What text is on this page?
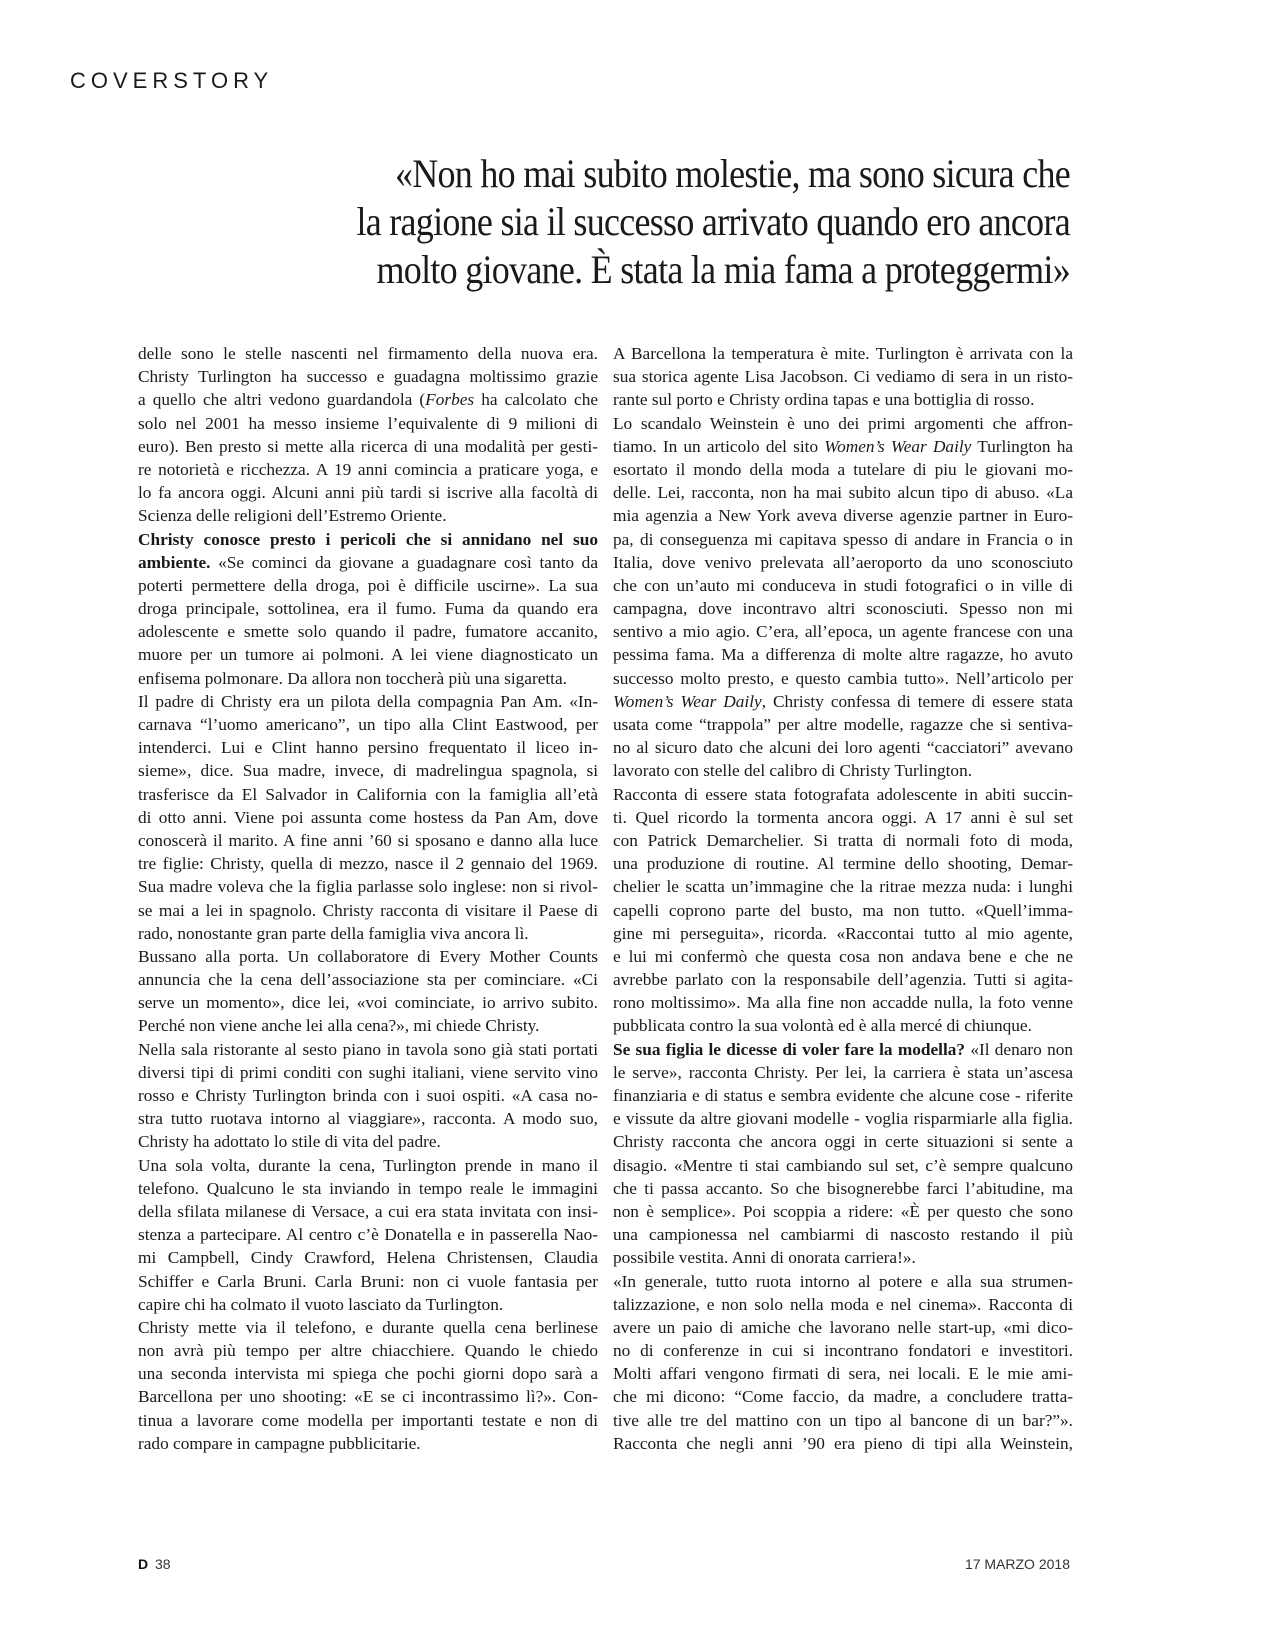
COVERSTORY
«Non ho mai subito molestie, ma sono sicura che
la ragione sia il successo arrivato quando ero ancora
molto giovane. È stata la mia fama a proteggermi»
delle sono le stelle nascenti nel firmamento della nuova era.
Christy Turlington ha successo e guadagna moltissimo grazie
a quello che altri vedono guardandola (Forbes ha calcolato che
solo nel 2001 ha messo insieme l’equivalente di 9 milioni di
euro). Ben presto si mette alla ricerca di una modalità per gesti-
re notorietà e ricchezza. A 19 anni comincia a praticare yoga, e
lo fa ancora oggi. Alcuni anni più tardi si iscrive alla facoltà di
Scienza delle religioni dell’Estremo Oriente.
Christy conosce presto i pericoli che si annidano nel suo
ambiente. «Se cominci da giovane a guadagnare così tanto da
poterti permettere della droga, poi è difficile uscirne». La sua
droga principale, sottolinea, era il fumo. Fuma da quando era
adolescente e smette solo quando il padre, fumatore accanito,
muore per un tumore ai polmoni. A lei viene diagnosticato un
enfisema polmonare. Da allora non toccherà più una sigaretta.
Il padre di Christy era un pilota della compagnia Pan Am. «In-
carnava “l’uomo americano”, un tipo alla Clint Eastwood, per
intenderci. Lui e Clint hanno persino frequentato il liceo in-
sieme», dice. Sua madre, invece, di madrelingua spagnola, si
trasferisce da El Salvador in California con la famiglia all’età
di otto anni. Viene poi assunta come hostess da Pan Am, dove
conoscerà il marito. A fine anni ’60 si sposano e danno alla luce
tre figlie: Christy, quella di mezzo, nasce il 2 gennaio del 1969.
Sua madre voleva che la figlia parlasse solo inglese: non si rivol-
se mai a lei in spagnolo. Christy racconta di visitare il Paese di
rado, nonostante gran parte della famiglia viva ancora lì.
Bussano alla porta. Un collaboratore di Every Mother Counts
annuncia che la cena dell’associazione sta per cominciare. «Ci
serve un momento», dice lei, «voi cominciate, io arrivo subito.
Perché non viene anche lei alla cena?», mi chiede Christy.
Nella sala ristorante al sesto piano in tavola sono già stati portati
diversi tipi di primi conditi con sughi italiani, viene servito vino
rosso e Christy Turlington brinda con i suoi ospiti. «A casa no-
stra tutto ruotava intorno al viaggiare», racconta. A modo suo,
Christy ha adottato lo stile di vita del padre.
Una sola volta, durante la cena, Turlington prende in mano il
telefono. Qualcuno le sta inviando in tempo reale le immagini
della sfilata milanese di Versace, a cui era stata invitata con insi-
stenza a partecipare. Al centro c’è Donatella e in passerella Nao-
mi Campbell, Cindy Crawford, Helena Christensen, Claudia
Schiffer e Carla Bruni. Carla Bruni: non ci vuole fantasia per
capire chi ha colmato il vuoto lasciato da Turlington.
Christy mette via il telefono, e durante quella cena berlinese
non avrà più tempo per altre chiacchiere. Quando le chiedo
una seconda intervista mi spiega che pochi giorni dopo sarà a
Barcellona per uno shooting: «E se ci incontrassimo lì?». Con-
tinua a lavorare come modella per importanti testate e non di
rado compare in campagne pubblicitarie.
A Barcellona la temperatura è mite. Turlington è arrivata con la
sua storica agente Lisa Jacobson. Ci vediamo di sera in un risto-
rante sul porto e Christy ordina tapas e una bottiglia di rosso.
Lo scandalo Weinstein è uno dei primi argomenti che affron-
tiamo. In un articolo del sito Women’s Wear Daily Turlington ha
esortato il mondo della moda a tutelare di piu le giovani mo-
delle. Lei, racconta, non ha mai subito alcun tipo di abuso. «La
mia agenzia a New York aveva diverse agenzie partner in Euro-
pa, di conseguenza mi capitava spesso di andare in Francia o in
Italia, dove venivo prelevata all’aeroporto da uno sconosciuto
che con un’auto mi conduceva in studi fotografici o in ville di
campagna, dove incontravo altri sconosciuti. Spesso non mi
sentivo a mio agio. C’era, all’epoca, un agente francese con una
pessima fama. Ma a differenza di molte altre ragazze, ho avuto
successo molto presto, e questo cambia tutto». Nell’articolo per
Women’s Wear Daily, Christy confessa di temere di essere stata
usata come “trappola” per altre modelle, ragazze che si sentiva-
no al sicuro dato che alcuni dei loro agenti “cacciatori” avevano
lavorato con stelle del calibro di Christy Turlington.
Racconta di essere stata fotografata adolescente in abiti succin-
ti. Quel ricordo la tormenta ancora oggi. A 17 anni è sul set
con Patrick Demarchelier. Si tratta di normali foto di moda,
una produzione di routine. Al termine dello shooting, Demar-
chelier le scatta un’immagine che la ritrae mezza nuda: i lunghi
capelli coprono parte del busto, ma non tutto. «Quell’imma-
gine mi perseguita», ricorda. «Raccontai tutto al mio agente,
e lui mi confermò che questa cosa non andava bene e che ne
avrebbe parlato con la responsabile dell’agenzia. Tutti si agita-
rono moltissimo». Ma alla fine non accadde nulla, la foto venne
pubblicata contro la sua volontà ed è alla mercé di chiunque.
Se sua figlia le dicesse di voler fare la modella? «Il denaro non
le serve», racconta Christy. Per lei, la carriera è stata un’ascesa
finanziaria e di status e sembra evidente che alcune cose - riferite
e vissute da altre giovani modelle - voglia risparmiarle alla figlia.
Christy racconta che ancora oggi in certe situazioni si sente a
disagio. «Mentre ti stai cambiando sul set, c’è sempre qualcuno
che ti passa accanto. So che bisognerebbe farci l’abitudine, ma
non è semplice». Poi scoppia a ridere: «È per questo che sono
una campionessa nel cambiarmi di nascosto restando il più
possibile vestita. Anni di onorata carriera!».
«In generale, tutto ruota intorno al potere e alla sua strumen-
talizzazione, e non solo nella moda e nel cinema». Racconta di
avere un paio di amiche che lavorano nelle start-up, «mi dico-
no di conferenze in cui si incontrano fondatori e investitori.
Molti affari vengono firmati di sera, nei locali. E le mie ami-
che mi dicono: “Come faccio, da madre, a concludere tratta-
tive alle tre del mattino con un tipo al bancone di un bar?”».
Racconta che negli anni ’90 era pieno di tipi alla Weinstein,
D 38	17 MARZO 2018
